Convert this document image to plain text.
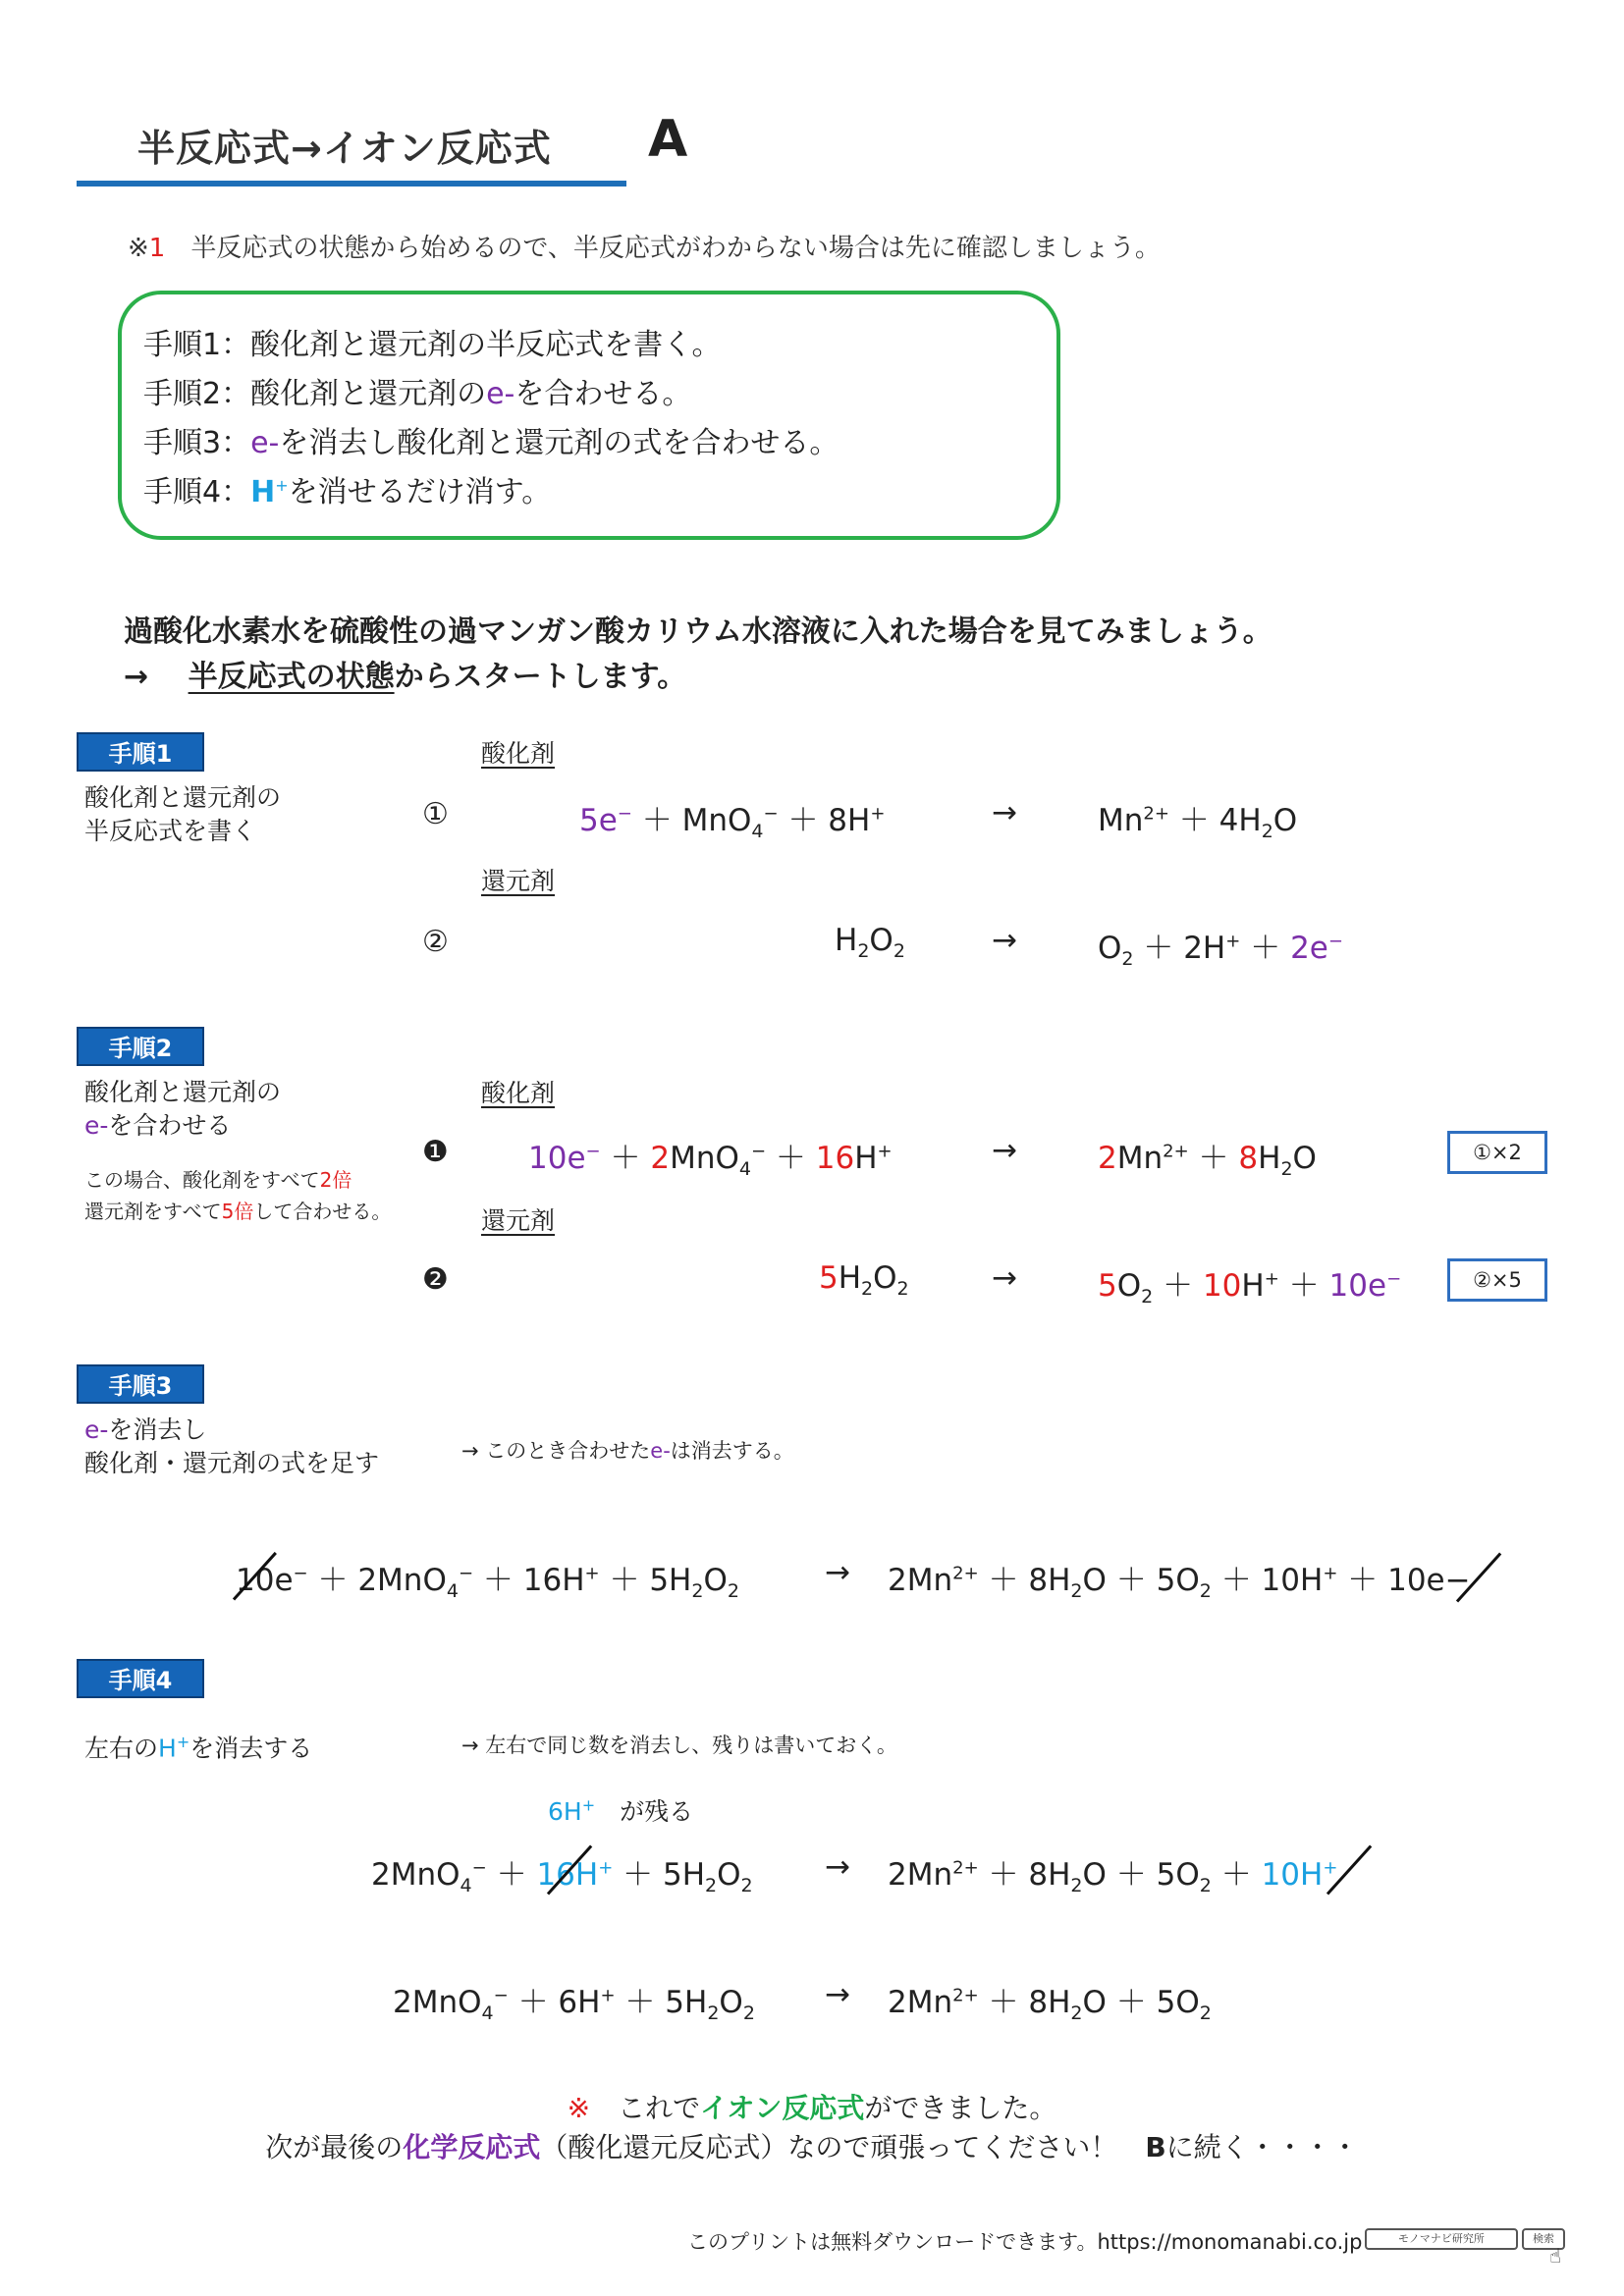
半反応式→イオン反応式 A
※1　半反応式の状態から始めるので、半反応式がわからない場合は先に確認しましょう。
手順1：酸化剤と還元剤の半反応式を書く。
手順2：酸化剤と還元剤のe-を合わせる。
手順3：e-を消去し酸化剤と還元剤の式を合わせる。
手順4：H+を消せるだけ消す。
過酸化水素水を硫酸性の過マンガン酸カリウム水溶液に入れた場合を見てみましょう。
→　 半反応式の状態からスタートします。
手順1
酸化剤と還元剤の
半反応式を書く
酸化剤
①	5e− ＋ MnO$_4$− ＋ 8H+	→	$Mn^{2+} + 4H_2O$
還元剤
②	$H_2O_2$	→	$O_2 + 2H^+ + 2e^-$
手順2
酸化剤と還元剤の
e-を合わせる
この場合、酸化剤をすべて2倍
還元剤をすべて5倍して合わせる。
酸化剤
❶	10e− ＋ 2MnO$_4$− ＋ 16H+	→	$2Mn^{2+} + 8H_2O$	①×2
還元剤
❷	$5H_2O_2$	→	$5O_2 + 10H^+ + 10e^-$	②×5
手順3
e-を消去し
酸化剤・還元剤の式を足す	→ このとき合わせたe-は消去する。
$10e^- + 2MnO_4^- + 16H^+ + 5H_2O_2$
→ $2Mn^{2+} + 8H_2O + 5O_2 + 10H^+ + 10e-$
手順4
左右のH+を消去する	→ 左右で同じ数を消去し、残りは書いておく。
6H+　 が残る
$2MnO_4^- + 16H^+ + 5H_2O_2$
→ $2Mn^{2+} + 8H_2O + 5O_2 + 10H^+$
$2MnO_4^- + 6H^+ + 5H_2O_2$
→ $2Mn^{2+} + 8H_2O + 5O_2$
※　 これでイオン反応式ができました。
次が最後の化学反応式（酸化還元反応式）なので頑張ってください！　Bに続く・・・・
このプリントは無料ダウンロードできます。https://monomanabi.co.jp	モノマナビ研究所	検索
☝
